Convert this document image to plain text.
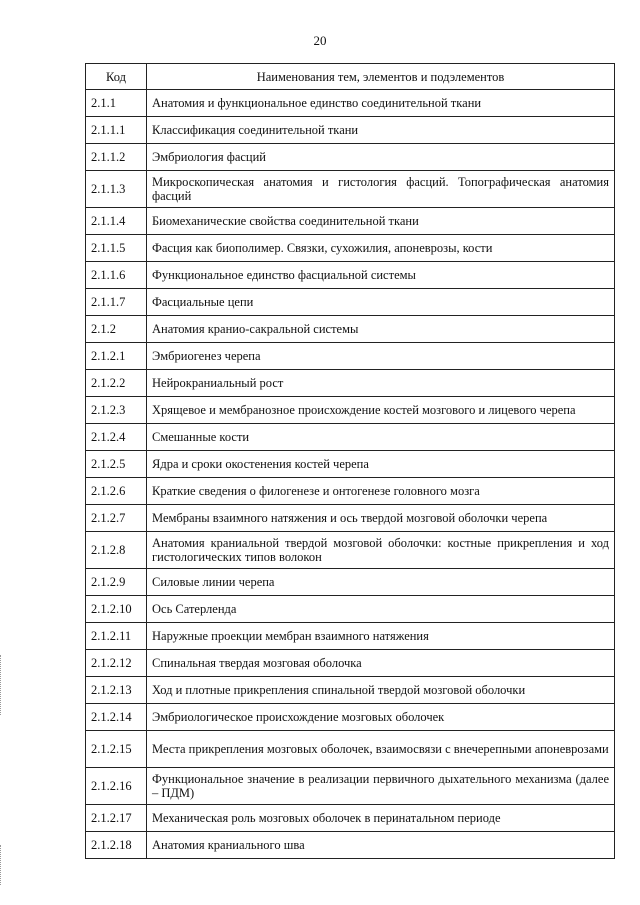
20
Код	Наименования тем, элементов и подэлементов
2.1.1	Анатомия и функциональное единство соединительной ткани
2.1.1.1	Классификация соединительной ткани
2.1.1.2	Эмбриология фасций
2.1.1.3	Микроскопическая анатомия и гистология фасций. Топографическая анатомия фасций
2.1.1.4	Биомеханические свойства соединительной ткани
2.1.1.5	Фасция как биополимер. Связки, сухожилия, апоневрозы, кости
2.1.1.6	Функциональное единство фасциальной системы
2.1.1.7	Фасциальные цепи
2.1.2	Анатомия кранио-сакральной системы
2.1.2.1	Эмбриогенез черепа
2.1.2.2	Нейрокраниальный рост
2.1.2.3	Хрящевое и мембранозное происхождение костей мозгового и лицевого черепа
2.1.2.4	Смешанные кости
2.1.2.5	Ядра и сроки окостенения костей черепа
2.1.2.6	Краткие сведения о филогенезе и онтогенезе головного мозга
2.1.2.7	Мембраны взаимного натяжения и ось твердой мозговой оболочки черепа
2.1.2.8	Анатомия краниальной твердой мозговой оболочки: костные прикрепления и ход гистологических типов волокон
2.1.2.9	Силовые линии черепа
2.1.2.10	Ось Сатерленда
2.1.2.11	Наружные проекции мембран взаимного натяжения
2.1.2.12	Спинальная твердая мозговая оболочка
2.1.2.13	Ход и плотные прикрепления спинальной твердой мозговой оболочки
2.1.2.14	Эмбриологическое происхождение мозговых оболочек
2.1.2.15	Места прикрепления мозговых оболочек, взаимосвязи с внечерепными апоневрозами
2.1.2.16	Функциональное значение в реализации первичного дыхательного механизма (далее – ПДМ)
2.1.2.17	Механическая роль мозговых оболочек в перинатальном периоде
2.1.2.18	Анатомия краниального шва
